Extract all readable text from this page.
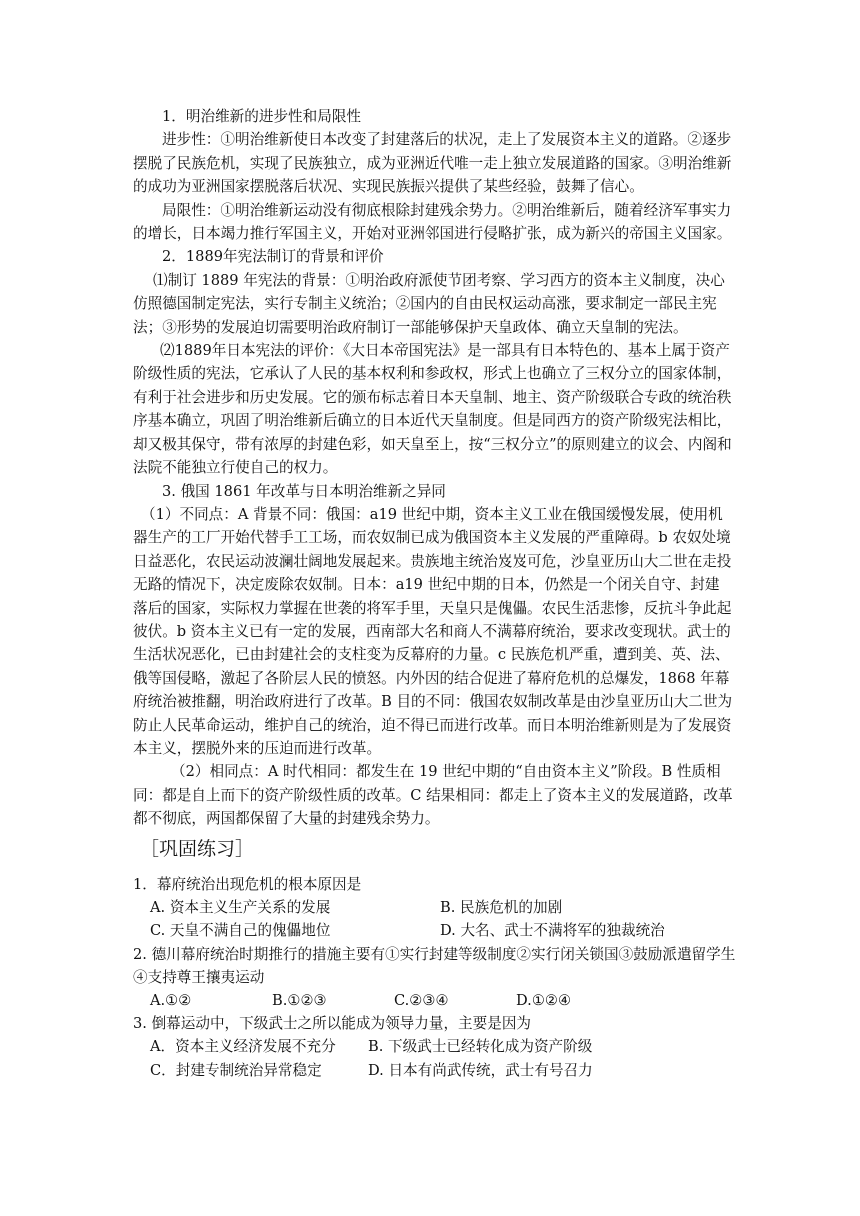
1．明治维新的进步性和局限性

进步性：①明治维新使日本改变了封建落后的状况，走上了发展资本主义的道路。②逐步摆脱了民族危机，实现了民族独立，成为亚洲近代唯一走上独立发展道路的国家。③明治维新的成功为亚洲国家摆脱落后状况、实现民族振兴提供了某些经验，鼓舞了信心。

局限性：①明治维新运动没有彻底根除封建残余势力。②明治维新后，随着经济军事实力的增长，日本竭力推行军国主义，开始对亚洲邻国进行侵略扩张，成为新兴的帝国主义国家。

2．1889年宪法制订的背景和评价

⑴制订 1889 年宪法的背景：①明治政府派使节团考察、学习西方的资本主义制度，决心仿照德国制定宪法，实行专制主义统治；②国内的自由民权运动高涨，要求制定一部民主宪法；③形势的发展迫切需要明治政府制订一部能够保护天皇政体、确立天皇制的宪法。

⑵1889年日本宪法的评价：《大日本帝国宪法》是一部具有日本特色的、基本上属于资产阶级性质的宪法，它承认了人民的基本权利和参政权，形式上也确立了三权分立的国家体制，有利于社会进步和历史发展。它的颁布标志着日本天皇制、地主、资产阶级联合专政的统治秩序基本确立，巩固了明治维新后确立的日本近代天皇制度。但是同西方的资产阶级宪法相比，却又极其保守，带有浓厚的封建色彩，如天皇至上，按“三权分立”的原则建立的议会、内阁和法院不能独立行使自己的权力。

3. 俄国 1861 年改革与日本明治维新之异同

（1）不同点：A 背景不同：俄国：a19 世纪中期，资本主义工业在俄国缓慢发展，使用机器生产的工厂开始代替手工工场，而农奴制已成为俄国资本主义发展的严重障碍。b 农奴处境日益恶化，农民运动波澜壮阔地发展起来。贵族地主统治岌岌可危，沙皇亚历山大二世在走投无路的情况下，决定废除农奴制。日本：a19 世纪中期的日本，仍然是一个闭关自守、封建落后的国家，实际权力掌握在世袭的将军手里，天皇只是傀儡。农民生活悲惨，反抗斗争此起彼伏。b 资本主义已有一定的发展，西南部大名和商人不满幕府统治，要求改变现状。武士的生活状况恶化，已由封建社会的支柱变为反幕府的力量。c 民族危机严重，遭到美、英、法、俄等国侵略，激起了各阶层人民的愤怒。内外因的结合促进了幕府危机的总爆发，1868 年幕府统治被推翻，明治政府进行了改革。B 目的不同：俄国农奴制改革是由沙皇亚历山大二世为防止人民革命运动，维护自己的统治，迫不得已而进行改革。而日本明治维新则是为了发展资本主义，摆脱外来的压迫而进行改革。

（2）相同点：A 时代相同：都发生在 19 世纪中期的“自由资本主义”阶段。B 性质相同：都是自上而下的资产阶级性质的改革。C 结果相同：都走上了资本主义的发展道路，改革都不彻底，两国都保留了大量的封建残余势力。

［巩固练习］

1．幕府统治出现危机的根本原因是

A. 资本主义生产关系的发展	B. 民族危机的加剧
C. 天皇不满自己的傀儡地位	D. 大名、武士不满将军的独裁统治

2. 德川幕府统治时期推行的措施主要有①实行封建等级制度②实行闭关锁国③鼓励派遣留学生④支持尊王攘夷运动

A.①②	B.①②③	C.②③④	D.①②④

3. 倒幕运动中，下级武士之所以能成为领导力量，主要是因为

A．资本主义经济发展不充分	B. 下级武士已经转化成为资产阶级
C．封建专制统治异常稳定	D. 日本有尚武传统，武士有号召力
